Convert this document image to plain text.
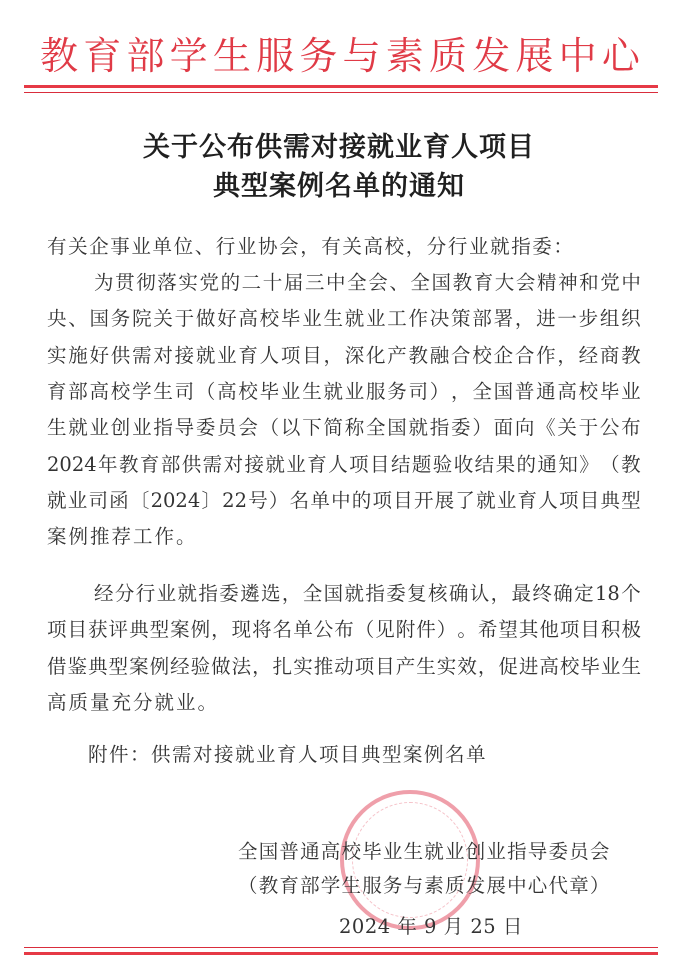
教 育 部 学 生 服 务 与 素 质 发 展 中 心
关于公布供需对接就业育人项目
典型案例名单的通知
有关企事业单位、行业协会，有关高校，分行业就指委：
为 贯 彻 落 实 党 的 二 十 届 三 中 全 会 、 全 国 教 育 大 会 精 神 和 党 中
央 、 国 务 院 关 于 做 好 高 校 毕 业 生 就 业 工 作 决 策 部 署 ， 进 一 步 组 织
实 施 好 供 需 对 接 就 业 育 人 项 目 ， 深 化 产 教 融 合 校 企 合 作 ， 经 商 教
育 部 高 校 学 生 司 （ 高 校 毕 业 生 就 业 服 务 司 ） ， 全 国 普 通 高 校 毕 业
生 就 业 创 业 指 导 委 员 会 （ 以 下 简 称 全 国 就 指 委 ） 面 向 《 关 于 公 布
2024 年 教 育 部 供 需 对 接 就 业 育 人 项 目 结 题 验 收 结 果 的 通 知 》 （ 教
就 业 司 函 〔 2024 〕 22 号 ） 名 单 中 的 项 目 开 展 了 就 业 育 人 项 目 典 型
案例推荐工作。
经 分 行 业 就 指 委 遴 选 ， 全 国 就 指 委 复 核 确 认 ， 最 终 确 定 18 个
项 目 获 评 典 型 案 例 ， 现 将 名 单 公 布 （ 见 附 件 ） 。 希 望 其 他 项 目 积 极
借 鉴 典 型 案 例 经 验 做 法 ， 扎 实 推 动 项 目 产 生 实 效 ， 促 进 高 校 毕 业 生
高质量充分就业。
附件：供需对接就业育人项目典型案例名单
全国普通高校毕业生就业创业指导委员会
（教育部学生服务与素质发展中心代章）
2024 年 9 月 25 日
